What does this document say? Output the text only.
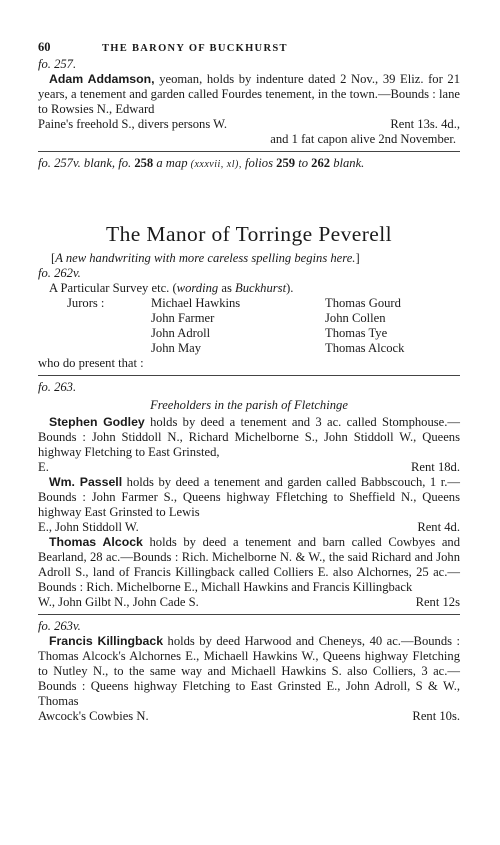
60	THE BARONY OF BUCKHURST

fo. 257.

Adam Addamson, yeoman, holds by indenture dated 2 Nov., 39 Eliz. for 21 years, a tenement and garden called Fourdes tenement, in the town.—Bounds : lane to Rowsies N., Edward

Paine's freehold S., divers persons W.	Rent 13s. 4d.,

and 1 fat capon alive 2nd November.

fo. 257v. blank, fo. 258 a map (xxxvii, xl), folios 259 to 262 blank.

The Manor of Torringe Peverell

[A new handwriting with more careless spelling begins here.]

fo. 262v.

A Particular Survey etc. (wording as Buckhurst).

Jurors :	Michael Hawkins	Thomas Gourd
John Farmer	John Collen
John Adroll	Thomas Tye
John May	Thomas Alcock

who do present that :

fo. 263.

Freeholders in the parish of Fletchinge

Stephen Godley holds by deed a tenement and 3 ac. called Stomphouse.—Bounds : John Stiddoll N., Richard Michelborne S., John Stiddoll W., Queens highway Fletching to East Grinsted,

E.	Rent 18d.

Wm. Passell holds by deed a tenement and garden called Babbscouch, 1 r.—Bounds : John Farmer S., Queens highway Ffletching to Sheffield N., Queens highway East Grinsted to Lewis

E., John Stiddoll W.	Rent 4d.

Thomas Alcock holds by deed a tenement and barn called Cowbyes and Bearland, 28 ac.—Bounds : Rich. Michelborne N. & W., the said Richard and John Adroll S., land of Francis Killingback called Colliers E. also Alchornes, 25 ac.—Bounds : Rich. Michelborne E., Michall Hawkins and Francis Killingback

W., John Gilbt N., John Cade S.	Rent 12s

fo. 263v.

Francis Killingback holds by deed Harwood and Cheneys, 40 ac.—Bounds : Thomas Alcock's Alchornes E., Michaell Hawkins W., Queens highway Fletching to Nutley N., to the same way and Michaell Hawkins S. also Colliers, 3 ac.—Bounds : Queens highway Fletching to East Grinsted E., John Adroll, S & W., Thomas

Awcock's Cowbies N.	Rent 10s.
